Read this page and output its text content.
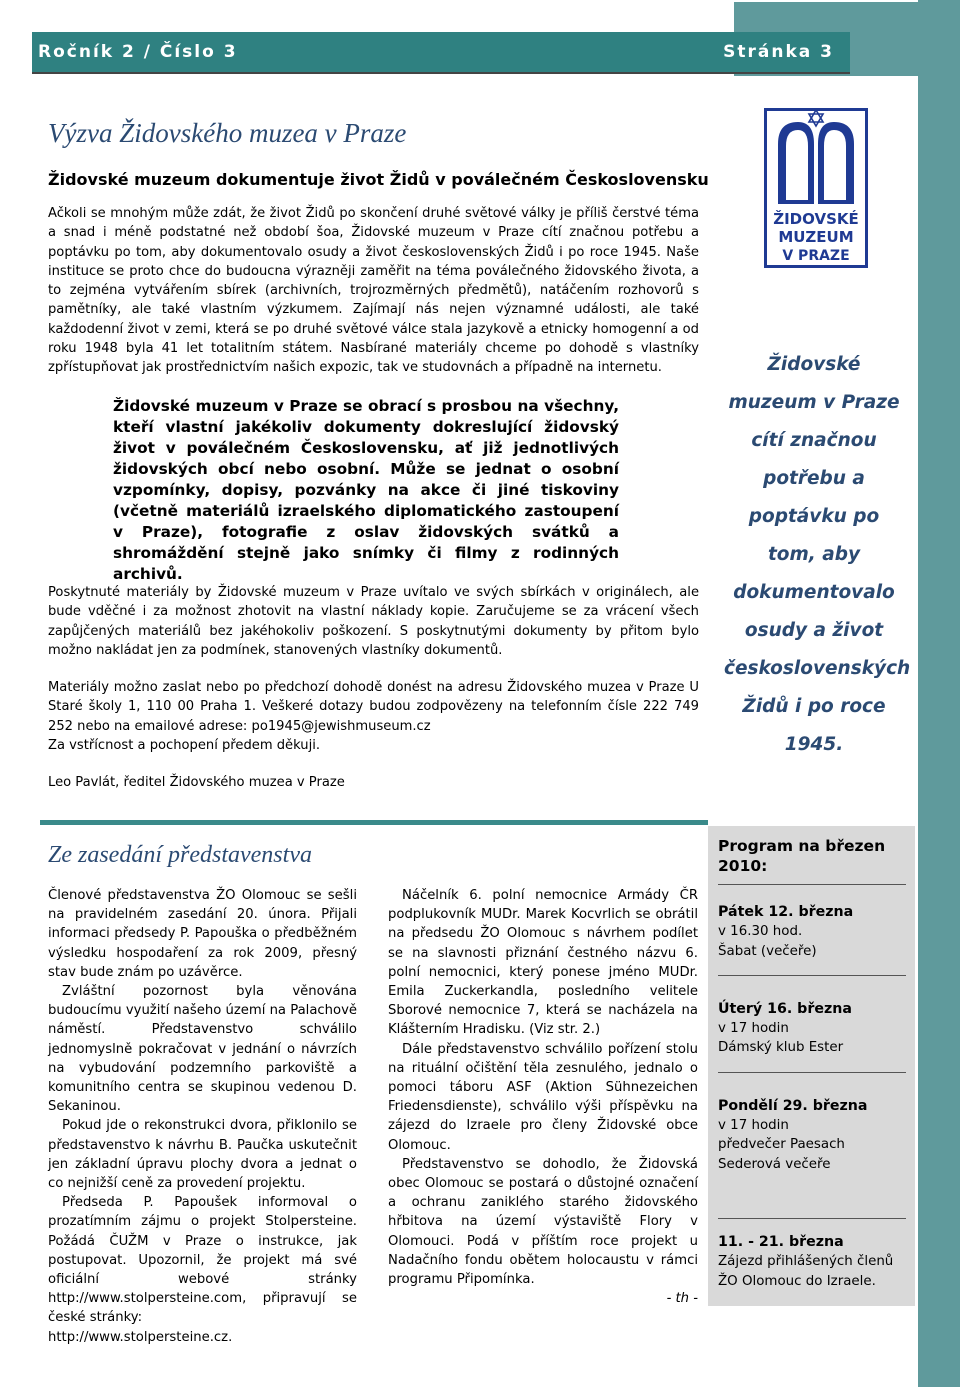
Ročník 2 / Číslo 3	Stránka 3
Výzva Židovského muzea v Praze
Židovské muzeum dokumentuje život Židů v poválečném Československu

Ačkoli se mnohým může zdát, že život Židů po skončení druhé světové války je příliš čerstvé téma a snad i méně podstatné než období šoa, Židovské muzeum v Praze cítí značnou potřebu a poptávku po tom, aby dokumentovalo osudy a život československých Židů i po roce 1945. Naše instituce se proto chce do budoucna výrazněji zaměřit na téma poválečného židovského života, a to zejména vytvářením sbírek (archivních, trojrozměrných předmětů), natáčením rozhovorů s pamětníky, ale také vlastním výzkumem. Zajímají nás nejen významné události, ale také každodenní život v zemi, která se po druhé světové válce stala jazykově a etnicky homogenní a od roku 1948 byla 41 let totalitním státem. Nasbírané materiály chceme po dohodě s vlastníky zpřístupňovat jak prostřednictvím našich expozic, tak ve studovnách a případně na internetu.

Židovské muzeum v Praze se obrací s prosbou na všechny, kteří vlastní jakékoliv dokumenty dokreslující židovský život v poválečném Československu, ať již jednotlivých židovských obcí nebo osobní. Může se jednat o osobní vzpomínky, dopisy, pozvánky na akce či jiné tiskoviny (včetně materiálů izraelského diplomatického zastoupení v Praze), fotografie z oslav židovských svátků a shromáždění stejně jako snímky či filmy z rodinných archivů.

Poskytnuté materiály by Židovské muzeum v Praze uvítalo ve svých sbírkách v originálech, ale bude vděčné i za možnost zhotovit na vlastní náklady kopie. Zaručujeme se za vrácení všech zapůjčených materiálů bez jakéhokoliv poškození. S poskytnutými dokumenty by přitom bylo možno nakládat jen za podmínek, stanovených vlastníky dokumentů.

Materiály možno zaslat nebo po předchozí dohodě donést na adresu Židovského muzea v Praze U Staré školy 1, 110 00 Praha 1. Veškeré dotazy budou zodpovězeny na telefonním čísle 222 749 252 nebo na emailové adrese: po1945@jewishmuseum.cz

Za vstřícnost a pochopení předem děkuji.

Leo Pavlát, ředitel Židovského muzea v Praze
ŽIDOVSKÉ
MUZEUM
V PRAZE
Židovské muzeum v Praze cítí značnou potřebu a poptávku po tom, aby dokumentovalo osudy a život československých Židů i po roce 1945.
Ze zasedání představenstva

Členové představenstva ŽO Olomouc se sešli na pravidelném zasedání 20. února. Přijali informaci předsedy P. Papouška o předběžném výsledku hospodaření za rok 2009, přesný stav bude znám po uzávěrce.

Zvláštní pozornost byla věnována budoucímu využití našeho území na Palachově náměstí. Představenstvo schválilo jednomyslně pokračovat v jednání o návrzích na vybudování podzemního parkoviště a komunitního centra se skupinou vedenou D. Sekaninou.

Pokud jde o rekonstrukci dvora, přiklonilo se představenstvo k návrhu B. Paučka uskutečnit jen základní úpravu plochy dvora a jednat o co nejnižší ceně za provedení projektu.

Předseda P. Papoušek informoval o prozatímním zájmu o projekt Stolpersteine. Požádá ČUŽM v Praze o instrukce, jak postupovat. Upozornil, že projekt má své oficiální webové stránky http://www.stolpersteine.com, připravují se české stránky:

http://www.stolpersteine.cz.

Náčelník 6. polní nemocnice Armády ČR podplukovník MUDr. Marek Kocvrlich se obrátil na předsedu ŽO Olomouc s návrhem podílet se na slavnosti přiznání čestného názvu 6. polní nemocnici, který ponese jméno MUDr. Emila Zuckerkandla, posledního velitele Sborové nemocnice 7, která se nacházela na Klášterním Hradisku. (Viz str. 2.)

Dále představenstvo schválilo pořízení stolu na rituální očištění těla zesnulého, jednalo o pomoci táboru ASF (Aktion Sühnezeichen Friedensdienste), schválilo výši příspěvku na zájezd do Izraele pro členy Židovské obce Olomouc.

Představenstvo se dohodlo, že Židovská obec Olomouc se postará o důstojné označení a ochranu zaniklého starého židovského hřbitova na území výstaviště Flory v Olomouci. Podá v příštím roce projekt u Nadačního fondu obětem holocaustu v rámci programu Připomínka.

- th -

Program na březen 2010:

Pátek 12. března
v 16.30 hod.
Šabat (večeře)
Úterý 16. března
v 17 hodin
Dámský klub Ester
Pondělí 29. března
v 17 hodin
předvečer Paesach
Sederová večeře
11. - 21. března
Zájezd přihlášených členů
ŽO Olomouc do Izraele.
